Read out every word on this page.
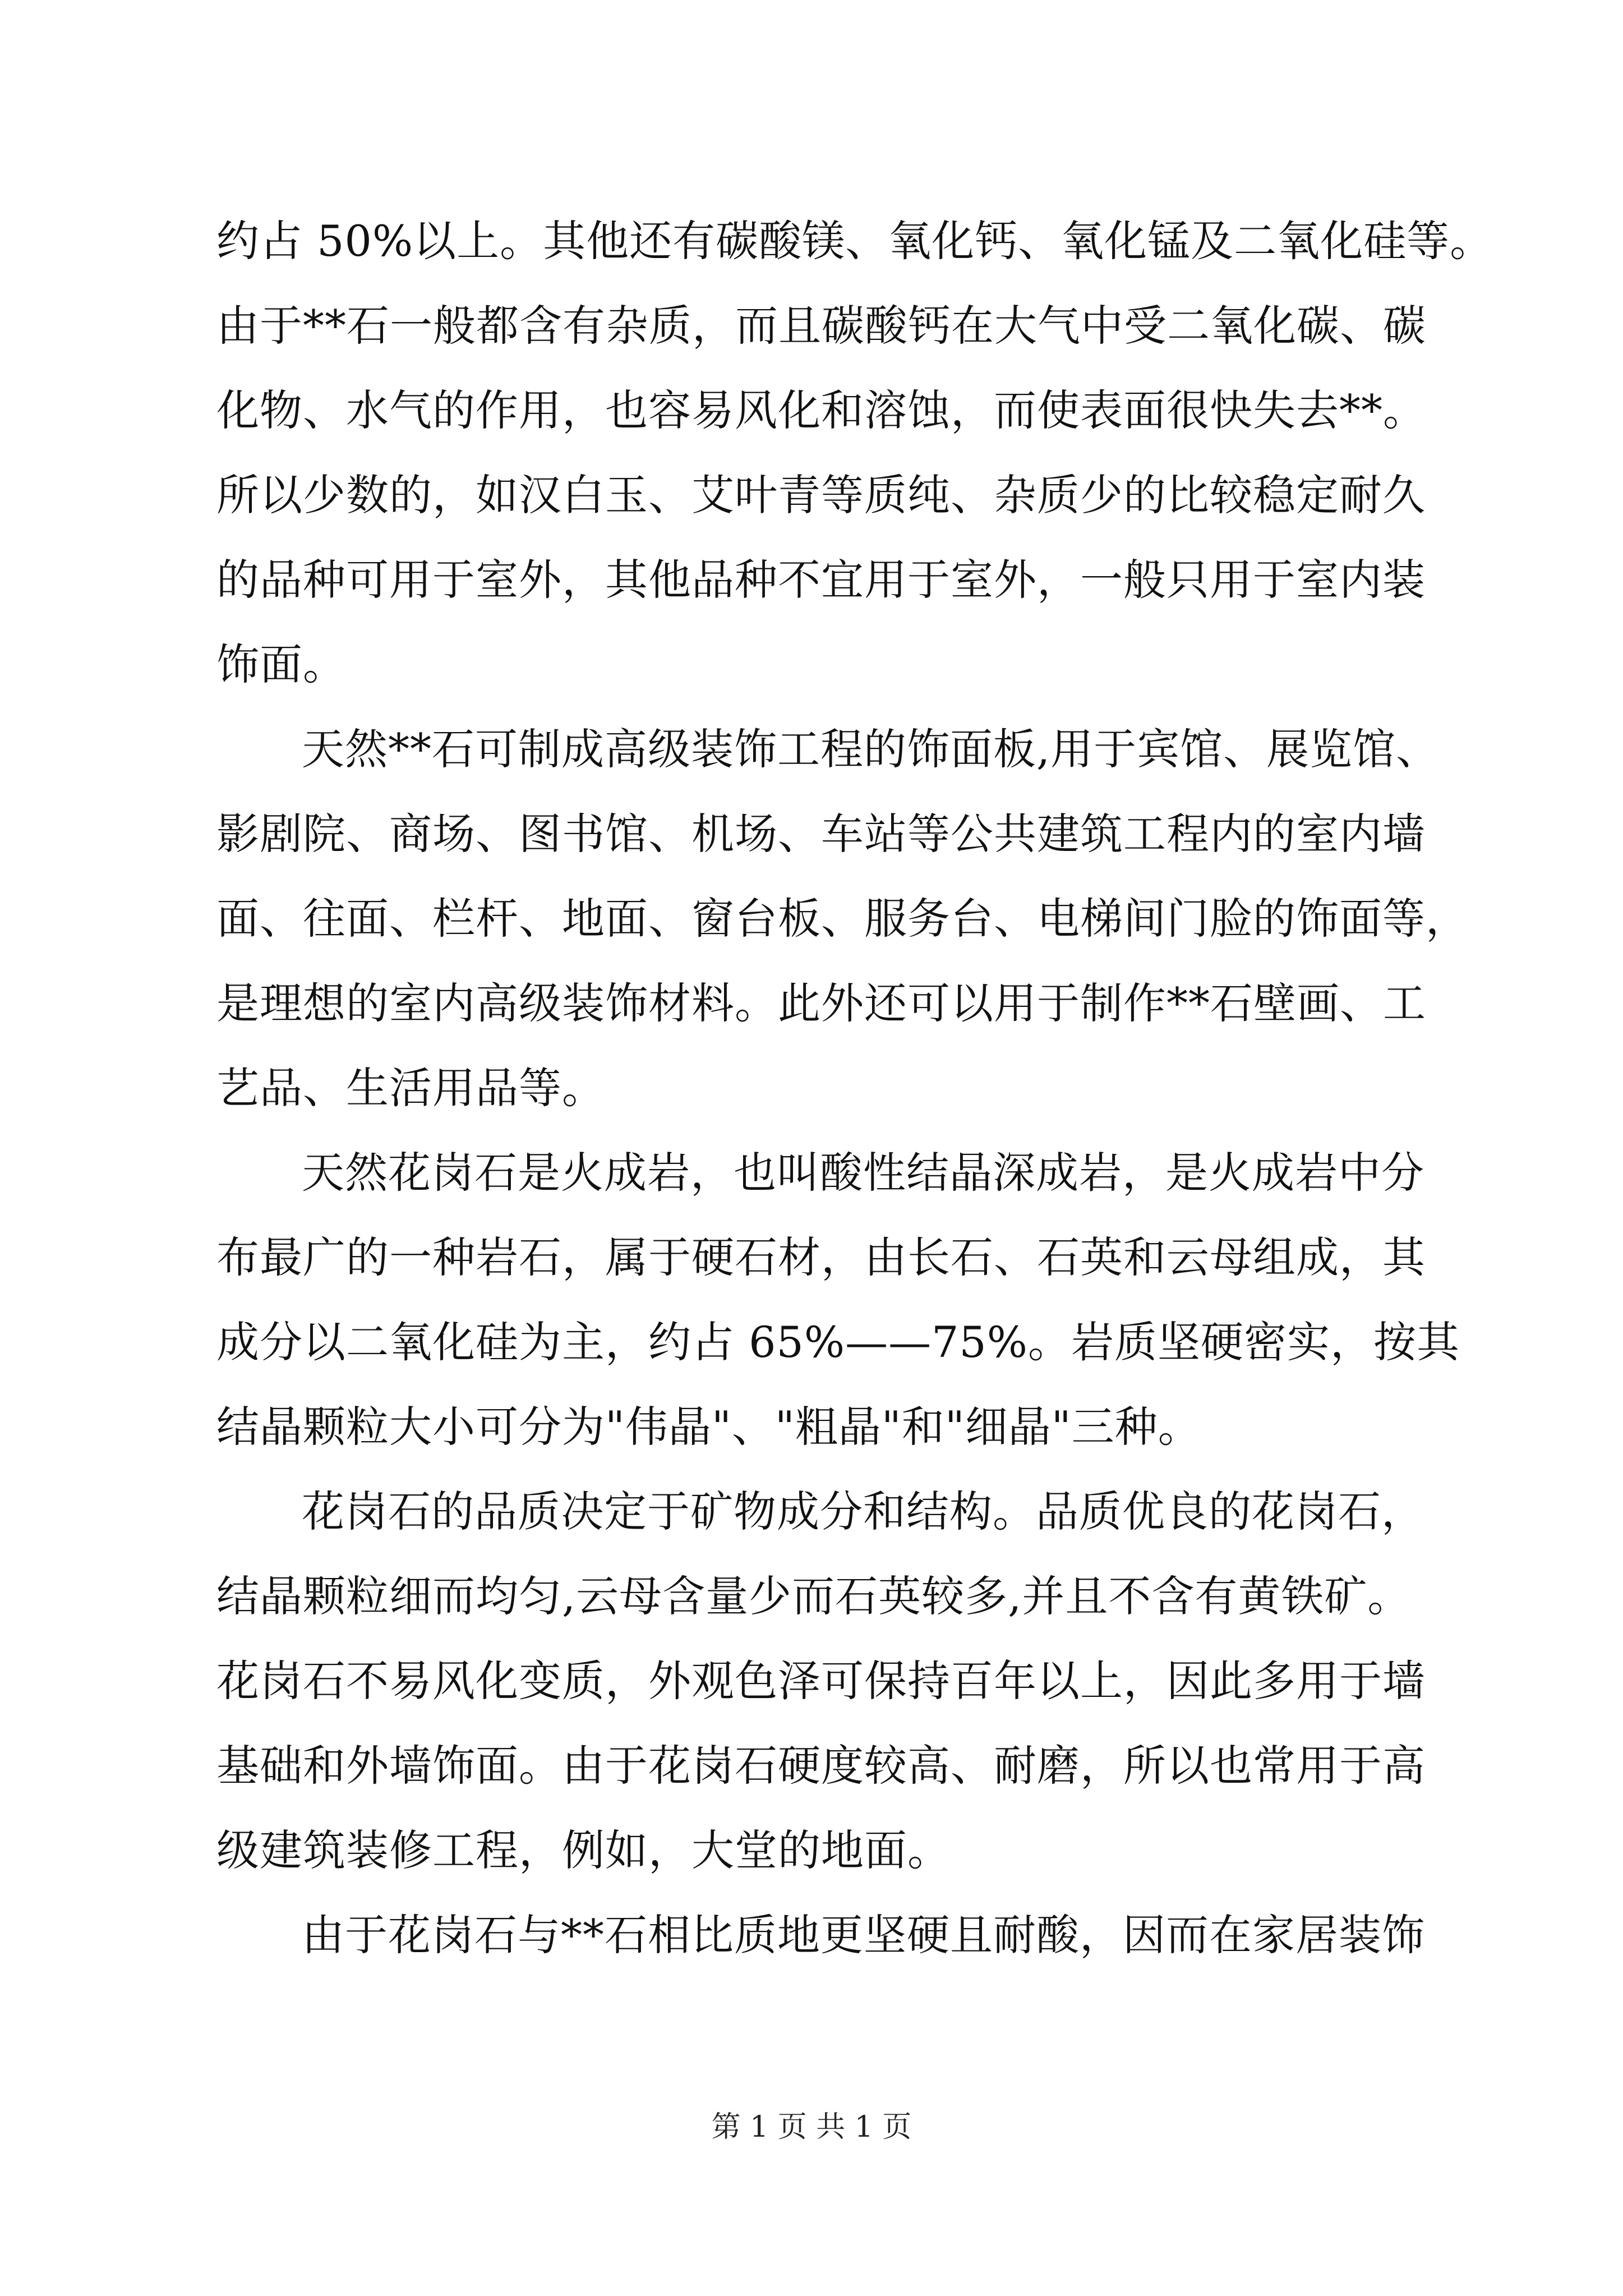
约占 50%以上。其他还有碳酸镁、氧化钙、氧化锰及二氧化硅等。
由于**石一般都含有杂质，而且碳酸钙在大气中受二氧化碳、碳
化物、水气的作用，也容易风化和溶蚀，而使表面很快失去**。
所以少数的，如汉白玉、艾叶青等质纯、杂质少的比较稳定耐久
的品种可用于室外，其他品种不宜用于室外，一般只用于室内装
饰面。
天然**石可制成高级装饰工程的饰面板,用于宾馆、展览馆、
影剧院、商场、图书馆、机场、车站等公共建筑工程内的室内墙
面、往面、栏杆、地面、窗台板、服务台、电梯间门脸的饰面等，
是理想的室内高级装饰材料。此外还可以用于制作**石壁画、工
艺品、生活用品等。
天然花岗石是火成岩，也叫酸性结晶深成岩，是火成岩中分
布最广的一种岩石，属于硬石材，由长石、石英和云母组成，其
成分以二氧化硅为主，约占 65%——75%。岩质坚硬密实，按其
结晶颗粒大小可分为"伟晶"、"粗晶"和"细晶"三种。
花岗石的品质决定于矿物成分和结构。品质优良的花岗石，
结晶颗粒细而均匀,云母含量少而石英较多,并且不含有黄铁矿。
花岗石不易风化变质，外观色泽可保持百年以上，因此多用于墙
基础和外墙饰面。由于花岗石硬度较高、耐磨，所以也常用于高
级建筑装修工程，例如，大堂的地面。
由于花岗石与**石相比质地更坚硬且耐酸，因而在家居装饰
第 1 页 共 1 页
